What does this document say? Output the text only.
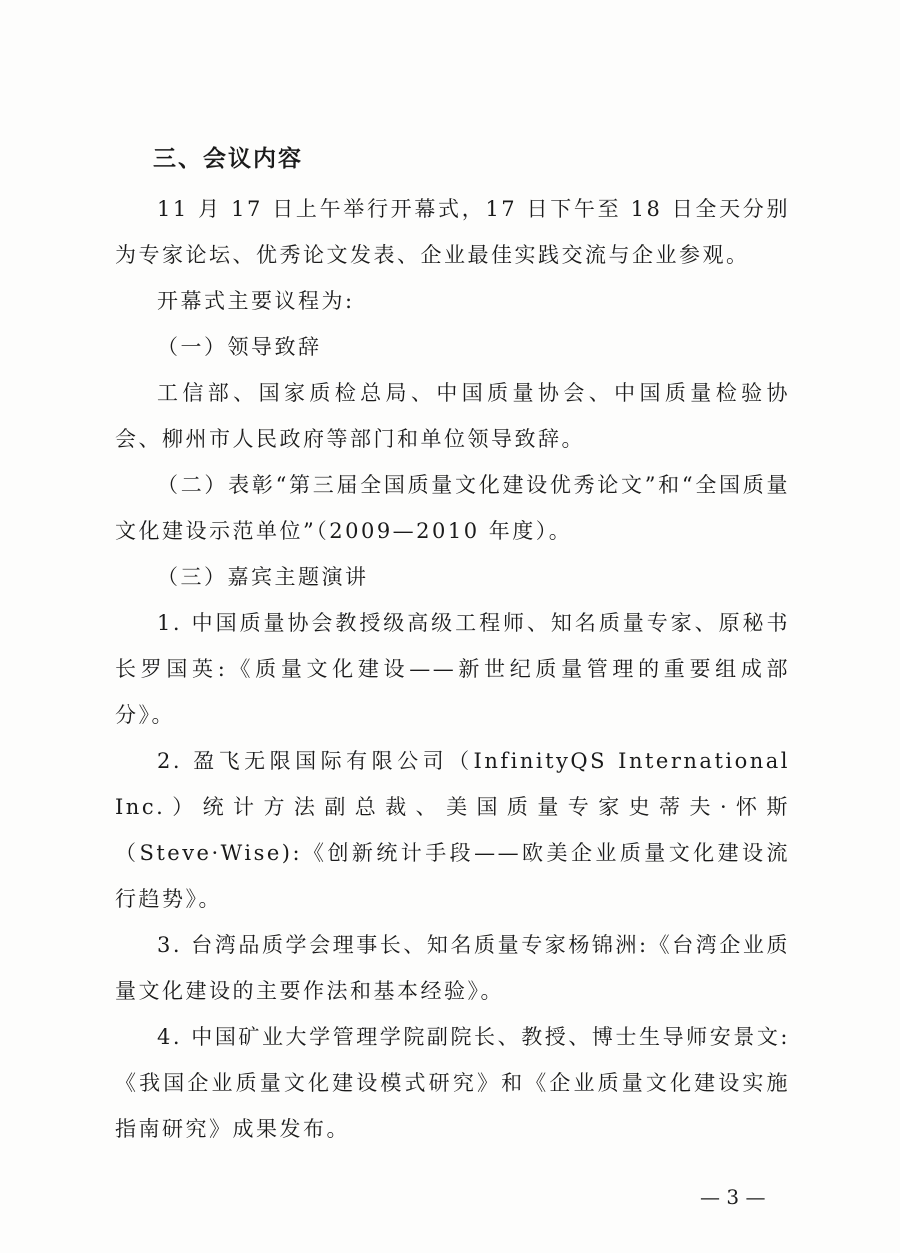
三、会议内容

11 月 17 日上午举行开幕式，17 日下午至 18 日全天分别为专家论坛、优秀论文发表、企业最佳实践交流与企业参观。

开幕式主要议程为:

（一）领导致辞

工信部、国家质检总局、中国质量协会、中国质量检验协会、柳州市人民政府等部门和单位领导致辞。

（二）表彰“第三届全国质量文化建设优秀论文”和“全国质量文化建设示范单位”（2009—2010 年度）。

（三）嘉宾主题演讲

1. 中国质量协会教授级高级工程师、知名质量专家、原秘书长罗国英:《质量文化建设——新世纪质量管理的重要组成部分》。

2. 盈飞无限国际有限公司（InfinityQS International Inc.）统计方法副总裁、美国质量专家史蒂夫·怀斯（Steve·Wise):《创新统计手段——欧美企业质量文化建设流行趋势》。

3. 台湾品质学会理事长、知名质量专家杨锦洲:《台湾企业质量文化建设的主要作法和基本经验》。

4. 中国矿业大学管理学院副院长、教授、博士生导师安景文:《我国企业质量文化建设模式研究》和《企业质量文化建设实施指南研究》成果发布。

— 3 —
